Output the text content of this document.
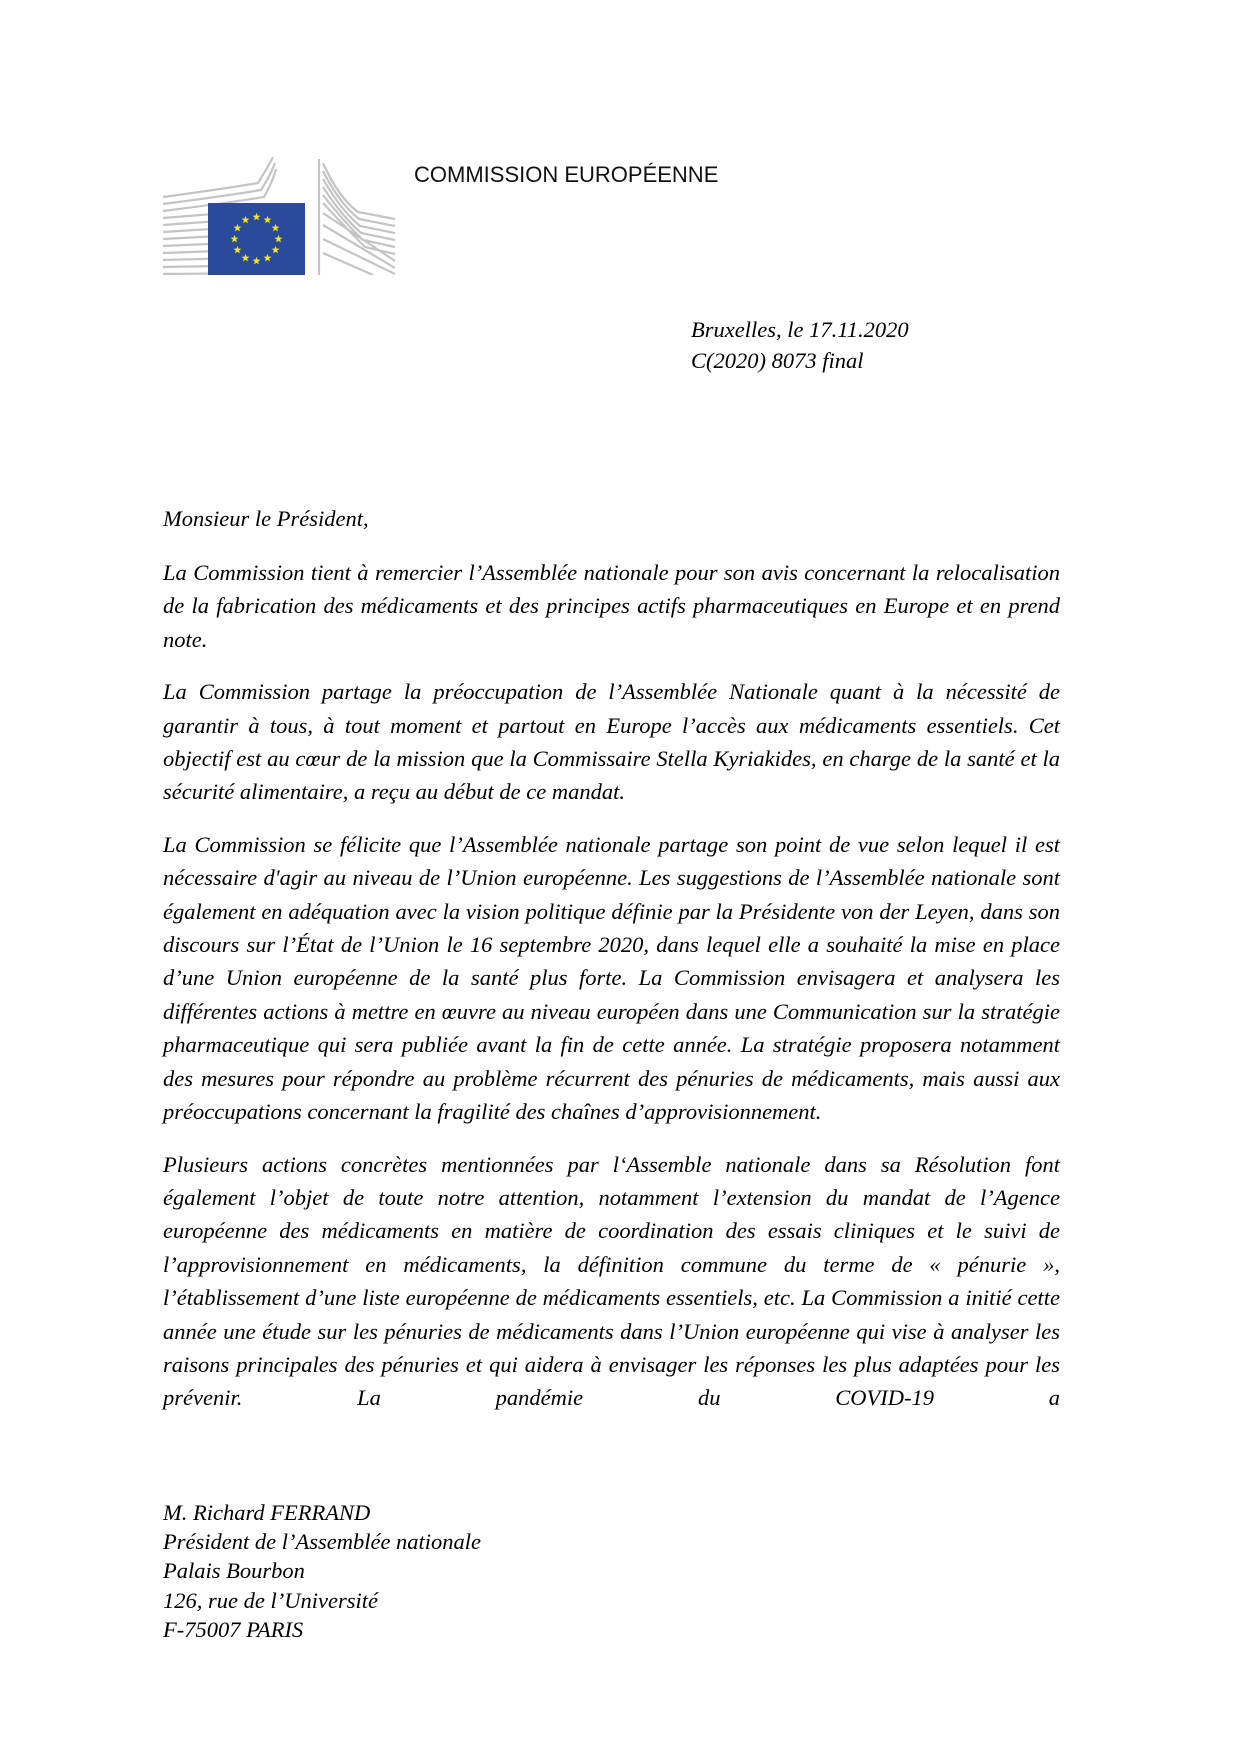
COMMISSION EUROPÉENNE
Bruxelles, le 17.11.2020
C(2020) 8073 final
Monsieur le Président,

La Commission tient à remercier l’Assemblée nationale pour son avis concernant la relocalisation de la fabrication des médicaments et des principes actifs pharmaceutiques en Europe et en prend note.

La Commission partage la préoccupation de l’Assemblée Nationale quant à la nécessité de garantir à tous, à tout moment et partout en Europe l’accès aux médicaments essentiels. Cet objectif est au cœur de la mission que la Commissaire Stella Kyriakides, en charge de la santé et la sécurité alimentaire, a reçu au début de ce mandat.

La Commission se félicite que l’Assemblée nationale partage son point de vue selon lequel il est nécessaire d'agir au niveau de l’Union européenne. Les suggestions de l’Assemblée nationale sont également en adéquation avec la vision politique définie par la Présidente von der Leyen, dans son discours sur l’État de l’Union le 16 septembre 2020, dans lequel elle a souhaité la mise en place d’une Union européenne de la santé plus forte. La Commission envisagera et analysera les différentes actions à mettre en œuvre au niveau européen dans une Communication sur la stratégie pharmaceutique qui sera publiée avant la fin de cette année. La stratégie proposera notamment des mesures pour répondre au problème récurrent des pénuries de médicaments, mais aussi aux préoccupations concernant la fragilité des chaînes d’approvisionnement.

Plusieurs actions concrètes mentionnées par l‘Assemble nationale dans sa Résolution font également l’objet de toute notre attention, notamment l’extension du mandat de l’Agence européenne des médicaments en matière de coordination des essais cliniques et le suivi de l’approvisionnement en médicaments, la définition commune du terme de « pénurie », l’établissement d’une liste européenne de médicaments essentiels, etc. La Commission a initié cette année une étude sur les pénuries de médicaments dans l’Union européenne qui vise à analyser les raisons principales des pénuries et qui aidera à envisager les réponses les plus adaptées pour les prévenir. La pandémie du COVID-19 a

M. Richard FERRAND
Président de l’Assemblée nationale
Palais Bourbon
126, rue de l’Université
F-75007 PARIS
